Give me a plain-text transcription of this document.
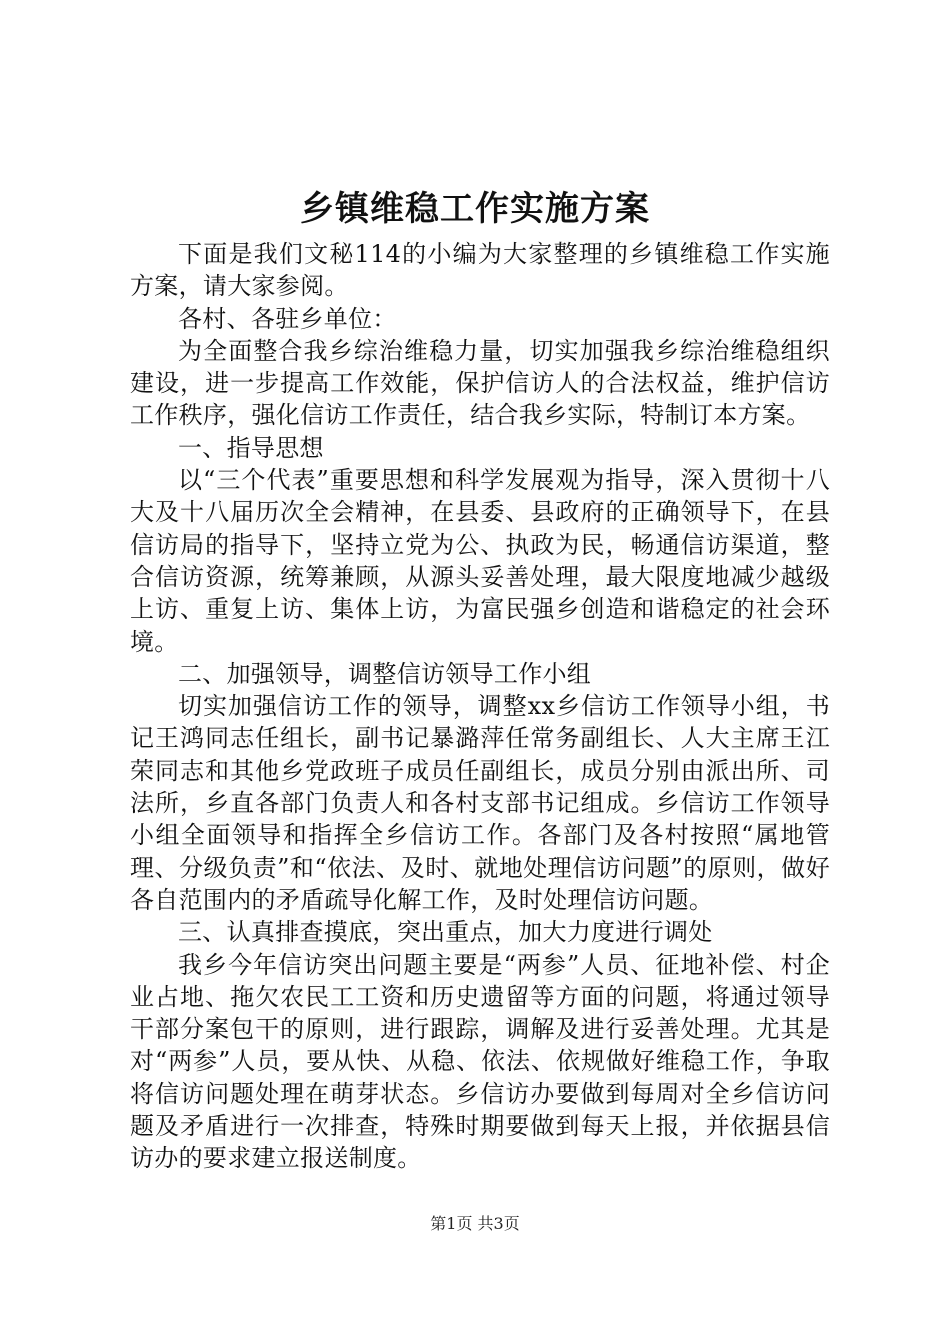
乡镇维稳工作实施方案

下面是我们文秘114的小编为大家整理的乡镇维稳工作实施方案，请大家参阅。

各村、各驻乡单位：

为全面整合我乡综治维稳力量，切实加强我乡综治维稳组织建设，进一步提高工作效能，保护信访人的合法权益，维护信访工作秩序，强化信访工作责任，结合我乡实际，特制订本方案。

一、指导思想

以“三个代表”重要思想和科学发展观为指导，深入贯彻十八大及十八届历次全会精神，在县委、县政府的正确领导下，在县信访局的指导下，坚持立党为公、执政为民，畅通信访渠道，整合信访资源，统筹兼顾，从源头妥善处理，最大限度地减少越级上访、重复上访、集体上访，为富民强乡创造和谐稳定的社会环境。

二、加强领导，调整信访领导工作小组

切实加强信访工作的领导，调整xx乡信访工作领导小组，书记王鸿同志任组长，副书记暴潞萍任常务副组长、人大主席王江荣同志和其他乡党政班子成员任副组长，成员分别由派出所、司法所，乡直各部门负责人和各村支部书记组成。乡信访工作领导小组全面领导和指挥全乡信访工作。各部门及各村按照“属地管理、分级负责”和“依法、及时、就地处理信访问题”的原则，做好各自范围内的矛盾疏导化解工作，及时处理信访问题。

三、认真排查摸底，突出重点，加大力度进行调处

我乡今年信访突出问题主要是“两参”人员、征地补偿、村企业占地、拖欠农民工工资和历史遗留等方面的问题，将通过领导干部分案包干的原则，进行跟踪，调解及进行妥善处理。尤其是对“两参”人员，要从快、从稳、依法、依规做好维稳工作，争取将信访问题处理在萌芽状态。乡信访办要做到每周对全乡信访问题及矛盾进行一次排查，特殊时期要做到每天上报，并依据县信访办的要求建立报送制度。

第1页 共3页
